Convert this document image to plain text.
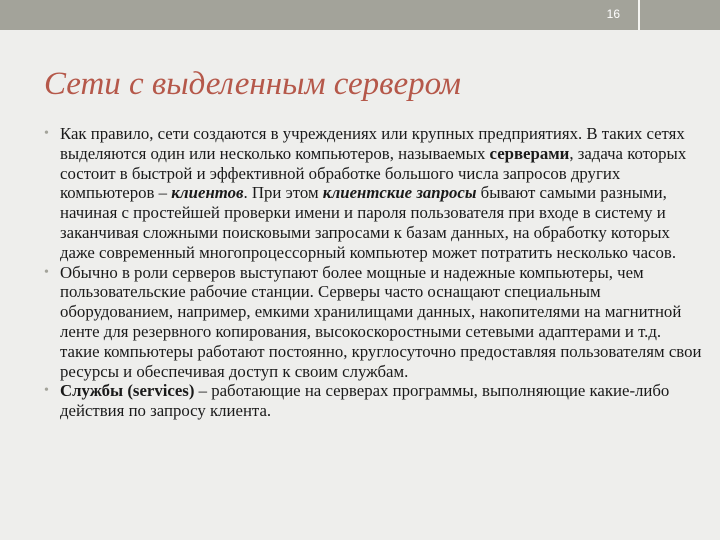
16
Сети с выделенным сервером
• Как правило, сети создаются в учреждениях или крупных предприятиях. В таких сетях выделяются один или несколько компьютеров, называемых серверами, задача которых состоит в быстрой и эффективной обработке большого числа запросов других компьютеров – клиентов. При этом клиентские запросы бывают самыми разными, начиная с простейшей проверки имени и пароля пользователя при входе в систему и заканчивая сложными поисковыми запросами к базам данных, на обработку которых даже современный многопроцессорный компьютер может потратить несколько часов.
• Обычно в роли серверов выступают более мощные и надежные компьютеры, чем пользовательские рабочие станции. Серверы часто оснащают специальным оборудованием, например, емкими хранилищами данных, накопителями на магнитной ленте для резервного копирования, высокоскоростными сетевыми адаптерами и т.д. такие компьютеры работают постоянно, круглосуточно предоставляя пользователям свои ресурсы и обеспечивая доступ к своим службам.
• Службы (services) – работающие на серверах программы, выполняющие какие-либо действия по запросу клиента.
